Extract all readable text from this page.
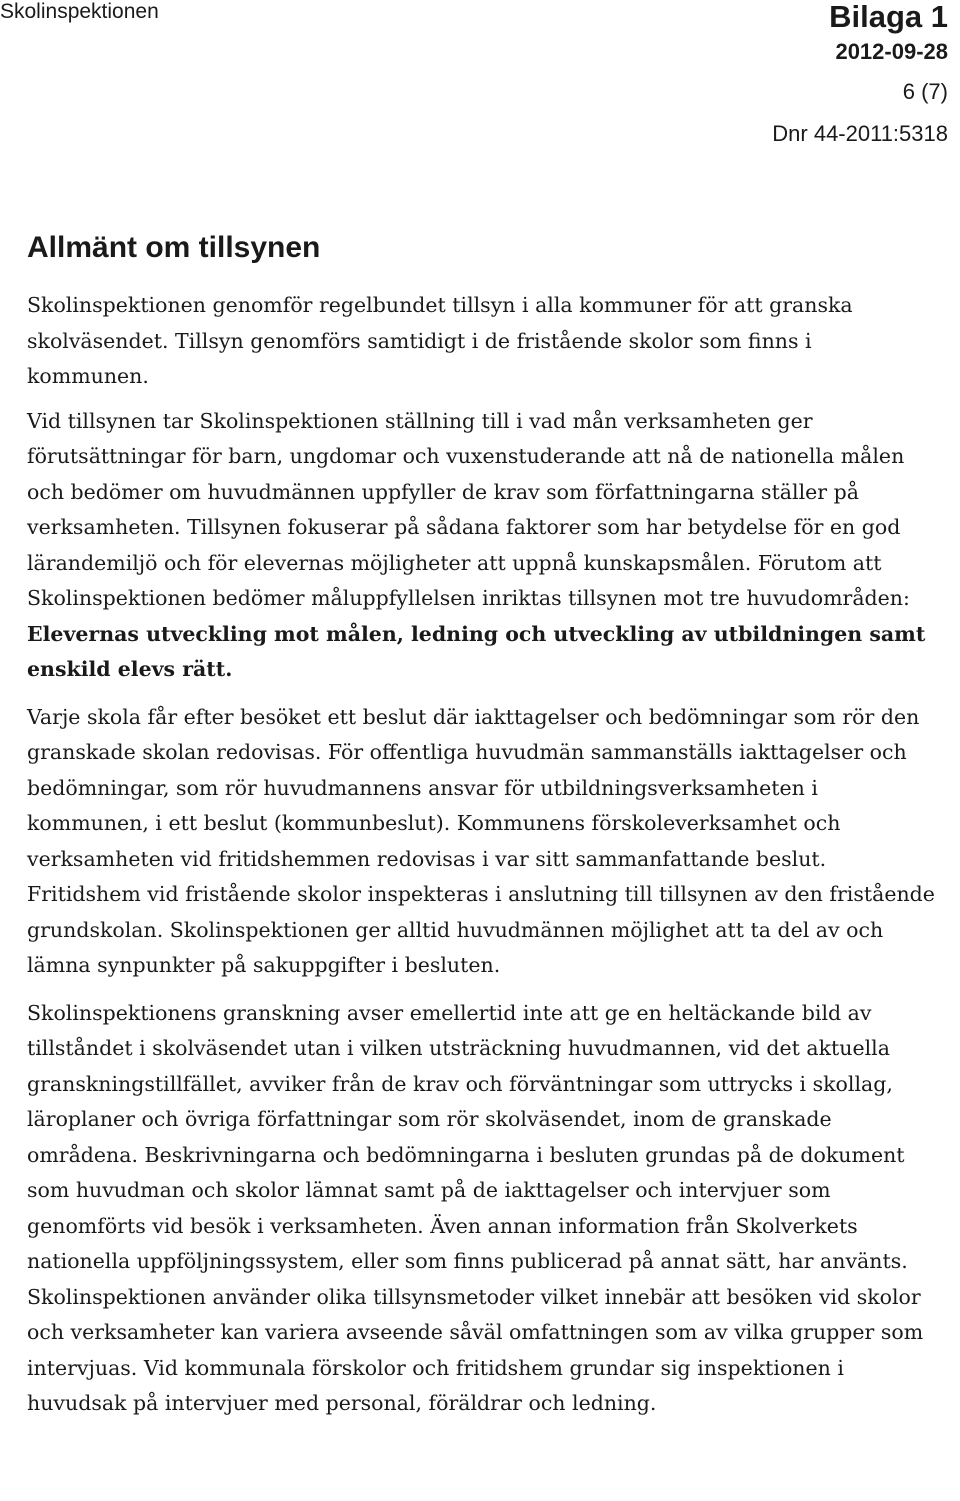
Skolinspektionen	Bilaga 1
2012-09-28
6 (7)
Dnr 44-2011:5318
Allmänt om tillsynen

Skolinspektionen genomför regelbundet tillsyn i alla kommuner för att granska skolväsendet. Tillsyn genomförs samtidigt i de fristående skolor som finns i kommunen.

Vid tillsynen tar Skolinspektionen ställning till i vad mån verksamheten ger förutsättningar för barn, ungdomar och vuxenstuderande att nå de nationella målen och bedömer om huvudmännen uppfyller de krav som författningarna ställer på verksamheten. Tillsynen fokuserar på sådana faktorer som har betydelse för en god lärandemiljö och för elevernas möjligheter att uppnå kunskapsmålen. Förutom att Skolinspektionen bedömer måluppfyllelsen inriktas tillsynen mot tre huvudområden: Elevernas utveckling mot målen, ledning och utveckling av utbildningen samt enskild elevs rätt.

Varje skola får efter besöket ett beslut där iakttagelser och bedömningar som rör den granskade skolan redovisas. För offentliga huvudmän sammanställs iakttagelser och bedömningar, som rör huvudmannens ansvar för utbildningsverksamheten i kommunen, i ett beslut (kommunbeslut). Kommunens förskoleverksamhet och verksamheten vid fritidshemmen redovisas i var sitt sammanfattande beslut. Fritidshem vid fristående skolor inspekteras i anslutning till tillsynen av den fristående grundskolan. Skolinspektionen ger alltid huvudmännen möjlighet att ta del av och lämna synpunkter på sakuppgifter i besluten.

Skolinspektionens granskning avser emellertid inte att ge en heltäckande bild av tillståndet i skolväsendet utan i vilken utsträckning huvudmannen, vid det aktuella granskningstillfället, avviker från de krav och förväntningar som uttrycks i skollag, läroplaner och övriga författningar som rör skolväsendet, inom de granskade områdena. Beskrivningarna och bedömningarna i besluten grundas på de dokument som huvudman och skolor lämnat samt på de iakttagelser och intervjuer som genomförts vid besök i verksamheten. Även annan information från Skolverkets nationella uppföljningssystem, eller som finns publicerad på annat sätt, har använts. Skolinspektionen använder olika tillsynsmetoder vilket innebär att besöken vid skolor och verksamheter kan variera avseende såväl omfattningen som av vilka grupper som intervjuas. Vid kommunala förskolor och fritidshem grundar sig inspektionen i huvudsak på intervjuer med personal, föräldrar och ledning.
